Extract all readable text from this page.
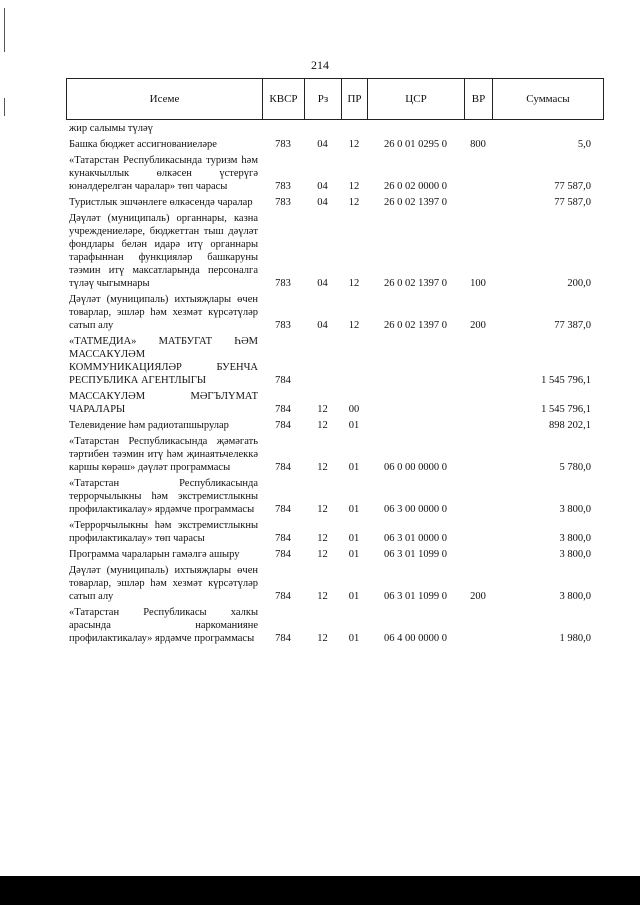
214
Исеме	КВСР	Рз	ПР	ЦСР	ВР	Суммасы
жир салымы түләү						
Башка бюджет ассигнованиеләре	783	04	12	26 0 01 0295 0	800	5,0
«Татарстан Республикасында туризм һәм кунакчыллык өлкәсен үстерүгә юнәлдерелгән чаралар» төп чарасы	783	04	12	26 0 02 0000 0		77 587,0
Туристлык эшчәнлеге өлкәсендә чаралар	783	04	12	26 0 02 1397 0		77 587,0
Дәүләт (муниципаль) органнары, казна учреждениеләре, бюджеттан тыш дәүләт фондлары белән идарә итү органнары тарафыннан функцияләр башкаруны тәэмин итү максатларында персоналга түләү чыгымнары	783	04	12	26 0 02 1397 0	100	200,0
Дәүләт (муниципаль) ихтыяҗлары өчен товарлар, эшләр һәм хезмәт күрсәтүләр сатып алу	783	04	12	26 0 02 1397 0	200	77 387,0
«ТАТМЕДИА» МАТБУГАТ ҺӘМ МАССАКҮЛӘМ КОММУНИКАЦИЯЛӘР БУЕНЧА РЕСПУБЛИКА АГЕНТЛЫГЫ	784					1 545 796,1
МАССАКҮЛӘМ МӘГЪЛҮМАТ ЧАРАЛАРЫ	784	12	00			1 545 796,1
Телевидение һәм радиотапшырулар	784	12	01			898 202,1
«Татарстан Республикасында җәмәгать тәртибен тәэмин итү һәм җинаятьчелеккә каршы көрәш» дәүләт программасы	784	12	01	06 0 00 0000 0		5 780,0
«Татарстан Республикасында террорчылыкны һәм экстремистлыкны профилактикалау» ярдәмче программасы	784	12	01	06 3 00 0000 0		3 800,0
«Террорчылыкны һәм экстремистлыкны профилактикалау» төп чарасы	784	12	01	06 3 01 0000 0		3 800,0
Программа чараларын гамәлгә ашыру	784	12	01	06 3 01 1099 0		3 800,0
Дәүләт (муниципаль) ихтыяҗлары өчен товарлар, эшләр һәм хезмәт күрсәтүләр сатып алу	784	12	01	06 3 01 1099 0	200	3 800,0
«Татарстан Республикасы халкы арасында наркоманияне профилактикалау» ярдәмче программасы	784	12	01	06 4 00 0000 0		1 980,0
